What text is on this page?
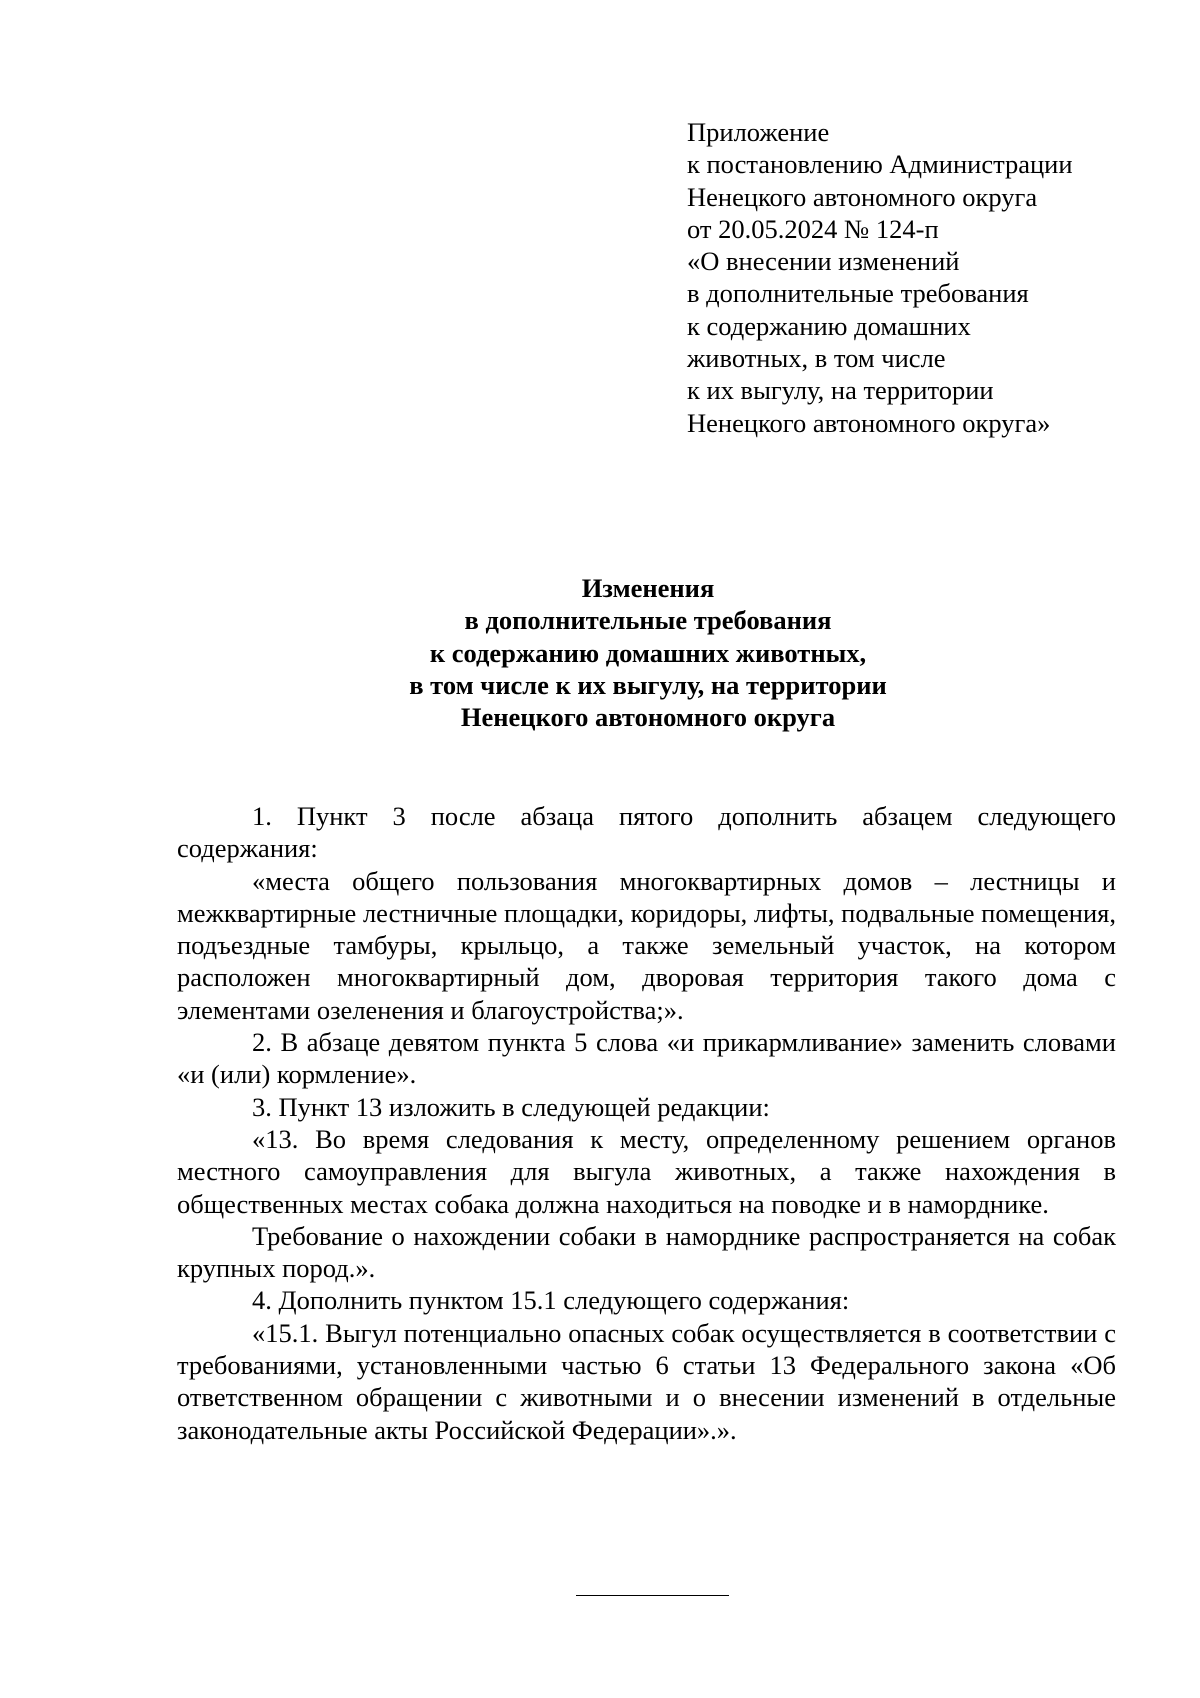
Приложение
к постановлению Администрации
Ненецкого автономного округа
от 20.05.2024 № 124-п
«О внесении изменений
в дополнительные требования
к содержанию домашних
животных, в том числе
к их выгулу, на территории
Ненецкого автономного округа»
Изменения
в дополнительные требования
к содержанию домашних животных,
в том числе к их выгулу, на территории
Ненецкого автономного округа

1. Пункт 3 после абзаца пятого дополнить абзацем следующего содержания:

«места общего пользования многоквартирных домов – лестницы и межквартирные лестничные площадки, коридоры, лифты, подвальные помещения, подъездные тамбуры, крыльцо, а также земельный участок, на котором расположен многоквартирный дом, дворовая территория такого дома с элементами озеленения и благоустройства;».

2. В абзаце девятом пункта 5 слова «и прикармливание» заменить словами «и (или) кормление».

3. Пункт 13 изложить в следующей редакции:

«13. Во время следования к месту, определенному решением органов местного самоуправления для выгула животных, а также нахождения в общественных местах собака должна находиться на поводке и в наморднике.

Требование о нахождении собаки в наморднике распространяется на собак крупных пород.».

4. Дополнить пунктом 15.1 следующего содержания:

«15.1. Выгул потенциально опасных собак осуществляется в соответствии с требованиями, установленными частью 6 статьи 13 Федерального закона «Об ответственном обращении с животными и о внесении изменений в отдельные законодательные акты Российской Федерации».».
